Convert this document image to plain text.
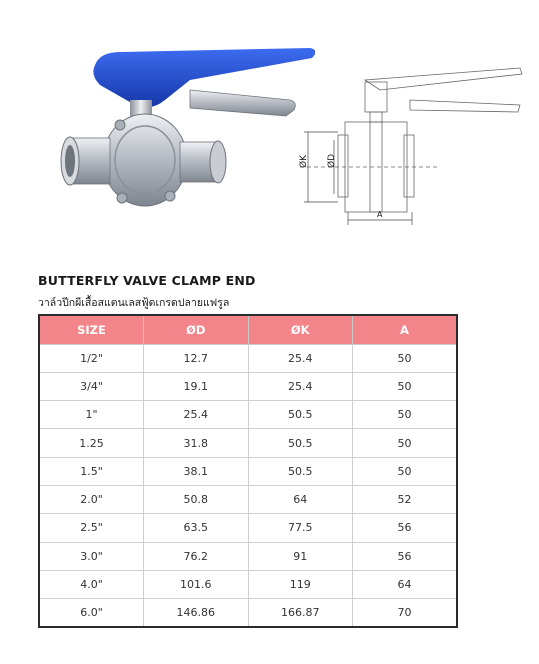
ØK ØD
A
BUTTERFLY VALVE CLAMP END
วาล์วปีกผีเสื้อสแตนเลสฟู้ดเกรดปลายแฟรูล
SIZE	ØD	ØK	A
1/2"	12.7	25.4	50
3/4"	19.1	25.4	50
1"	25.4	50.5	50
1.25	31.8	50.5	50
1.5"	38.1	50.5	50
2.0"	50.8	64	52
2.5"	63.5	77.5	56
3.0"	76.2	91	56
4.0"	101.6	119	64
6.0"	146.86	166.87	70
